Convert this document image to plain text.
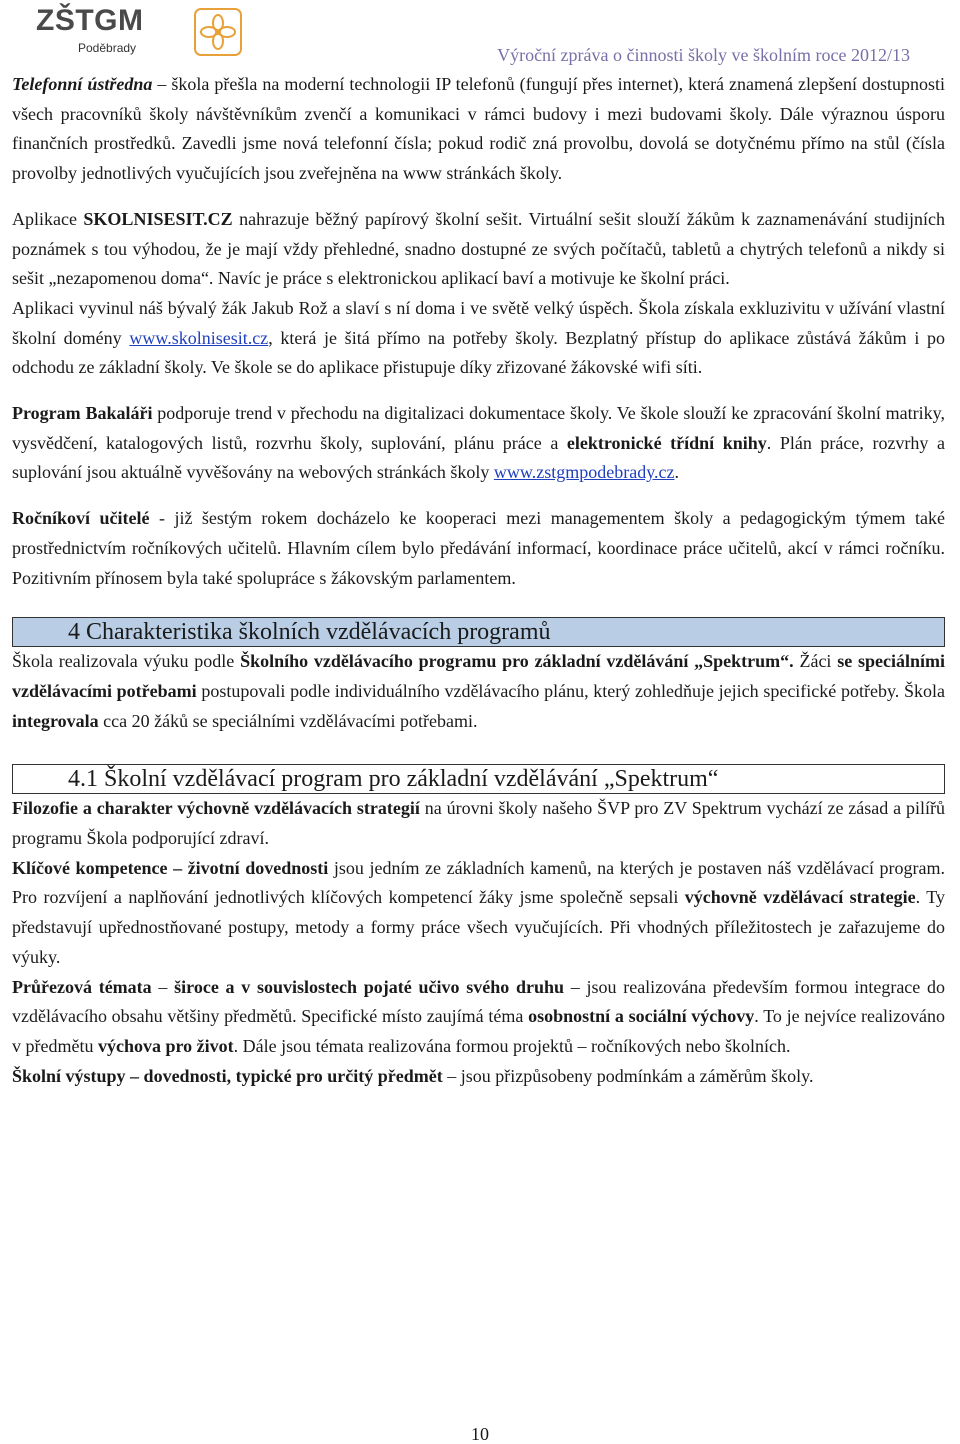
ZŠTGM
Poděbrady	Výroční zpráva o činnosti školy ve školním roce 2012/13

Telefonní ústředna – škola přešla na moderní technologii IP telefonů (fungují přes internet), která znamená zlepšení dostupnosti všech pracovníků školy návštěvníkům zvenčí a komunikaci v rámci budovy i mezi budovami školy. Dále výraznou úsporu finančních prostředků. Zavedli jsme nová telefonní čísla; pokud rodič zná provolbu, dovolá se dotyčnému přímo na stůl (čísla provolby jednotlivých vyučujících jsou zveřejněna na www stránkách školy.

Aplikace SKOLNISESIT.CZ nahrazuje běžný papírový školní sešit. Virtuální sešit slouží žákům k zaznamenávání studijních poznámek s tou výhodou, že je mají vždy přehledné, snadno dostupné ze svých počítačů, tabletů a chytrých telefonů a nikdy si sešit „nezapomenou doma“. Navíc je práce s elektronickou aplikací baví a motivuje ke školní práci.

Aplikaci vyvinul náš bývalý žák Jakub Rož a slaví s ní doma i ve světě velký úspěch. Škola získala exkluzivitu v užívání vlastní školní domény www.skolnisesit.cz, která je šitá přímo na potřeby školy. Bezplatný přístup do aplikace zůstává žákům i po odchodu ze základní školy. Ve škole se do aplikace přistupuje díky zřizované žákovské wifi síti.

Program Bakaláři podporuje trend v přechodu na digitalizaci dokumentace školy. Ve škole slouží ke zpracování školní matriky, vysvědčení, katalogových listů, rozvrhu školy, suplování, plánu práce a elektronické třídní knihy. Plán práce, rozvrhy a suplování jsou aktuálně vyvěšovány na webových stránkách školy www.zstgmpodebrady.cz.

Ročníkoví učitelé - již šestým rokem docházelo ke kooperaci mezi managementem školy a pedagogickým týmem také prostřednictvím ročníkových učitelů. Hlavním cílem bylo předávání informací, koordinace práce učitelů, akcí v rámci ročníku. Pozitivním přínosem byla také spolupráce s žákovským parlamentem.

4 Charakteristika školních vzdělávacích programů

Škola realizovala výuku podle Školního vzdělávacího programu pro základní vzdělávání „Spektrum“. Žáci se speciálními vzdělávacími potřebami postupovali podle individuálního vzdělávacího plánu, který zohledňuje jejich specifické potřeby. Škola integrovala cca 20 žáků se speciálními vzdělávacími potřebami.

4.1 Školní vzdělávací program pro základní vzdělávání „Spektrum“

Filozofie a charakter výchovně vzdělávacích strategií na úrovni školy našeho ŠVP pro ZV Spektrum vychází ze zásad a pilířů programu Škola podporující zdraví.

Klíčové kompetence – životní dovednosti jsou jedním ze základních kamenů, na kterých je postaven náš vzdělávací program. Pro rozvíjení a naplňování jednotlivých klíčových kompetencí žáky jsme společně sepsali výchovně vzdělávací strategie. Ty představují upřednostňované postupy, metody a formy práce všech vyučujících. Při vhodných příležitostech je zařazujeme do výuky.

Průřezová témata – široce a v souvislostech pojaté učivo svého druhu – jsou realizována především formou integrace do vzdělávacího obsahu většiny předmětů. Specifické místo zaujímá téma osobnostní a sociální výchovy. To je nejvíce realizováno v předmětu výchova pro život. Dále jsou témata realizována formou projektů – ročníkových nebo školních.

Školní výstupy – dovednosti, typické pro určitý předmět – jsou přizpůsobeny podmínkám a záměrům školy.

10
